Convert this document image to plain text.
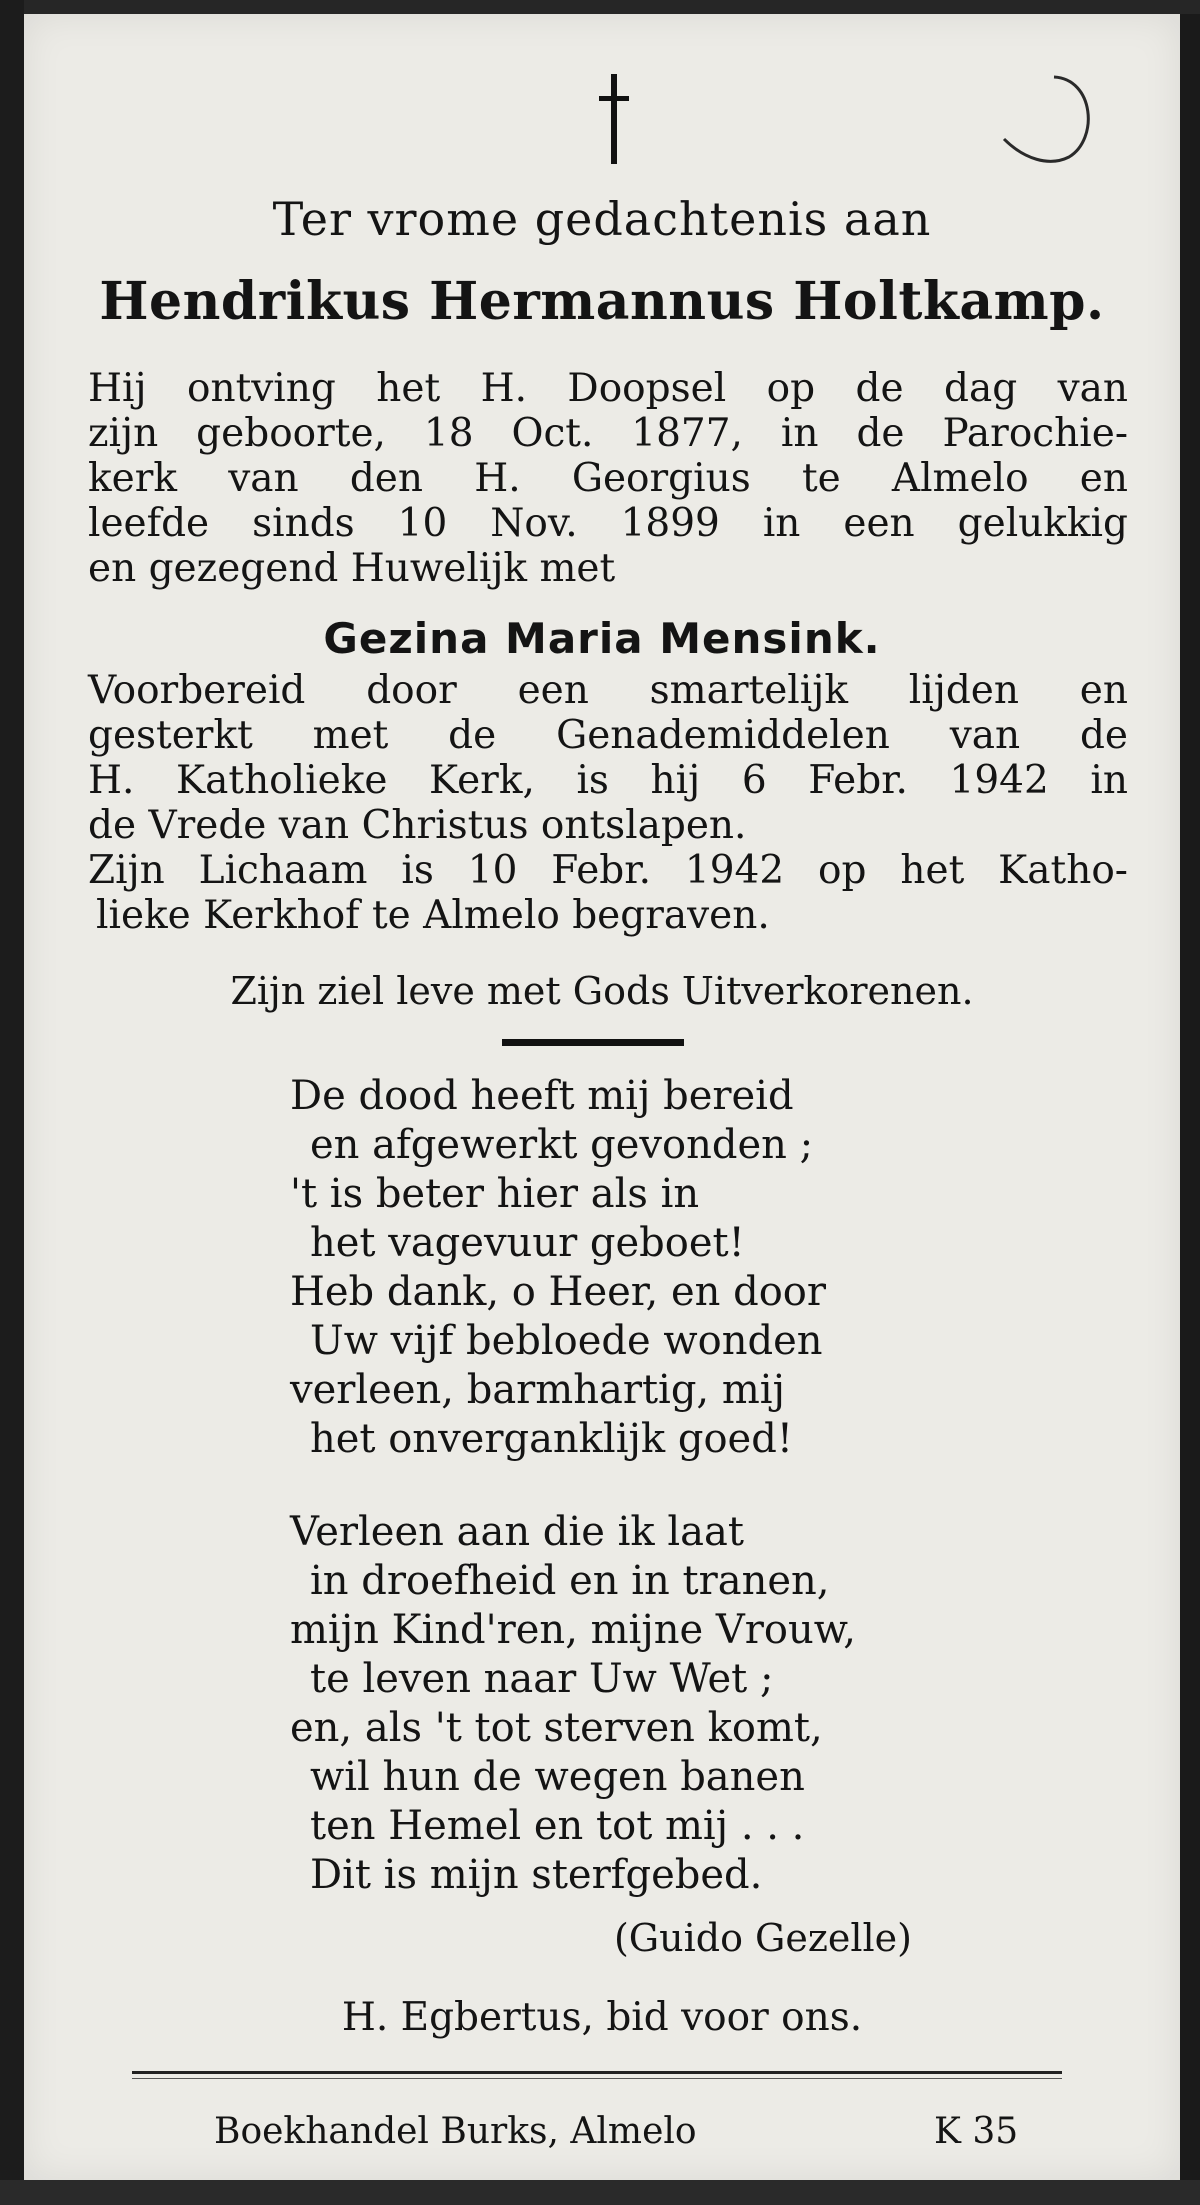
Ter vrome gedachtenis aan
Hendrikus Hermannus Holtkamp.
Hij ontving het H. Doopsel op de dag van
zijn geboorte, 18 Oct. 1877, in de Parochie-
kerk van den H. Georgius te Almelo en
leefde sinds 10 Nov. 1899 in een gelukkig
en gezegend Huwelijk met
Gezina Maria Mensink.
Voorbereid door een smartelijk lijden en
gesterkt met de Genademiddelen van de
H. Katholieke Kerk, is hij 6 Febr. 1942 in
de Vrede van Christus ontslapen.
Zijn Lichaam is 10 Febr. 1942 op het Katho-
lieke Kerkhof te Almelo begraven.
Zijn ziel leve met Gods Uitverkorenen.
De dood heeft mij bereid
en afgewerkt gevonden ;
't is beter hier als in
het vagevuur geboet!
Heb dank, o Heer, en door
Uw vijf bebloede wonden
verleen, barmhartig, mij
het onverganklijk goed!
Verleen aan die ik laat
in droefheid en in tranen,
mijn Kind'ren, mijne Vrouw,
te leven naar Uw Wet ;
en, als 't tot sterven komt,
wil hun de wegen banen
ten Hemel en tot mij . . .
Dit is mijn sterfgebed.
(Guido Gezelle)
H. Egbertus, bid voor ons.
Boekhandel Burks, Almelo	K 35
